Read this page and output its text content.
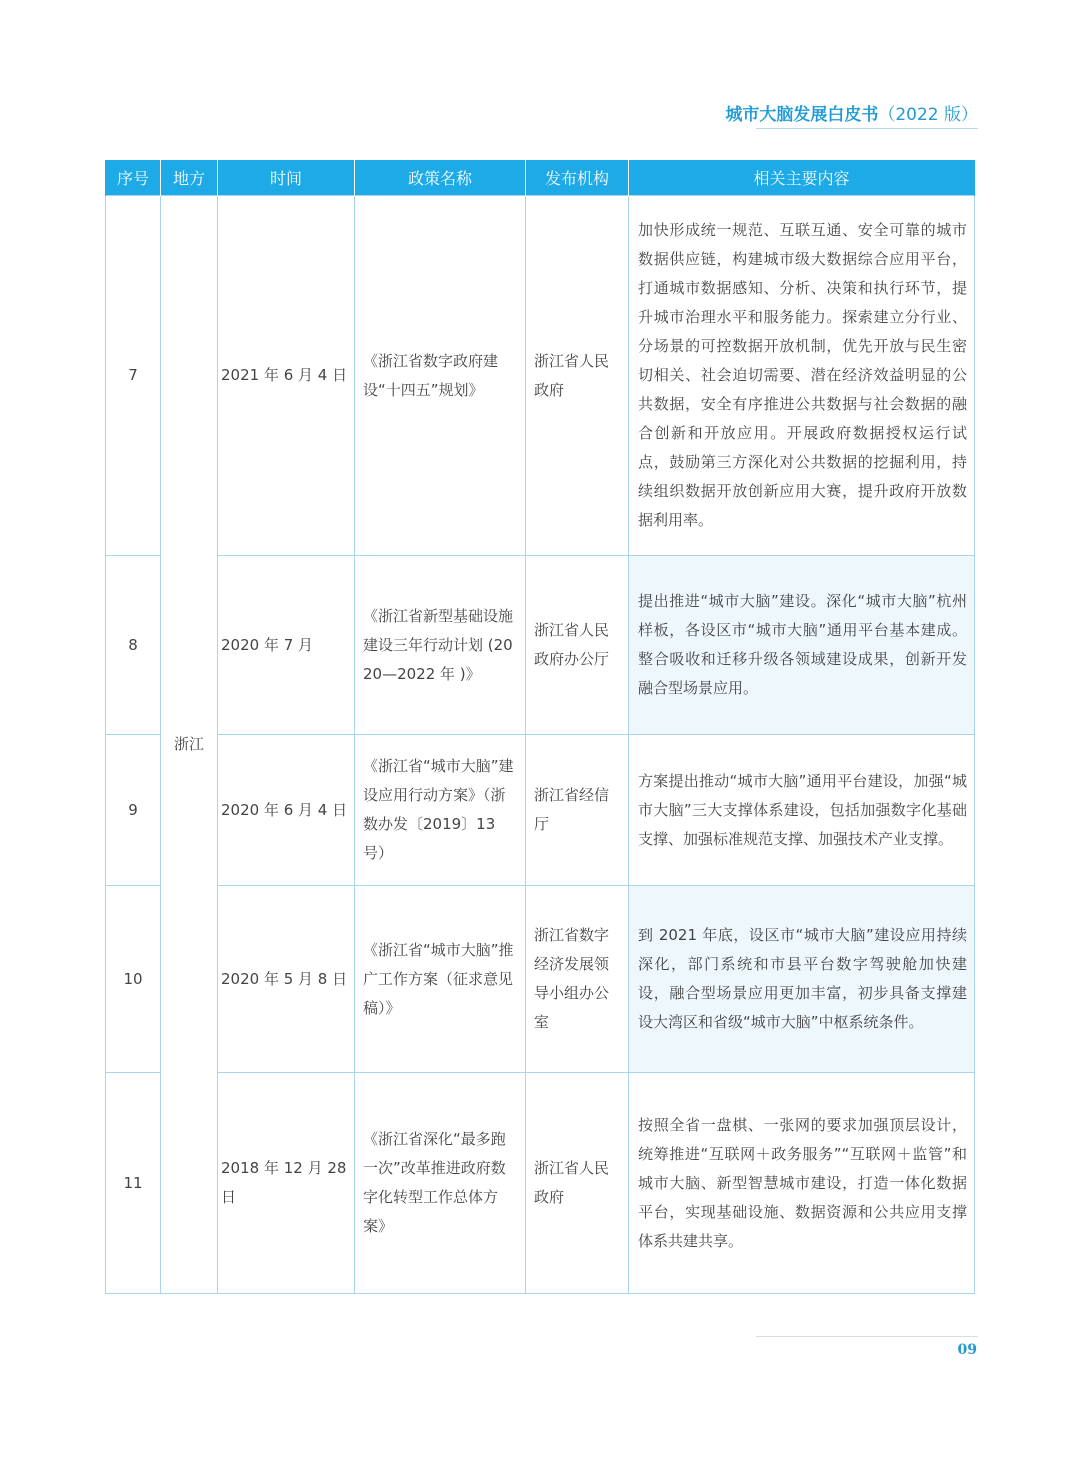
城市大脑发展白皮书（2022 版）
序号	地方	时间	政策名称	发布机构	相关主要内容
7	浙江	2021 年 6 月 4 日	《浙江省数字政府建设“十四五”规划》	浙江省人民政府	加快形成统一规范、互联互通、安全可靠的城市数据供应链，构建城市级大数据综合应用平台，打通城市数据感知、分析、决策和执行环节，提升城市治理水平和服务能力。探索建立分行业、分场景的可控数据开放机制，优先开放与民生密切相关、社会迫切需要、潜在经济效益明显的公共数据，安全有序推进公共数据与社会数据的融合创新和开放应用。开展政府数据授权运行试点，鼓励第三方深化对公共数据的挖掘利用，持续组织数据开放创新应用大赛，提升政府开放数据利用率。
8		2020 年 7 月	《浙江省新型基础设施建设三年行动计划 (2020—2022 年 )》	浙江省人民政府办公厅	提出推进“城市大脑”建设。深化“城市大脑”杭州样板，各设区市“城市大脑”通用平台基本建成。整合吸收和迁移升级各领域建设成果，创新开发融合型场景应用。
9		2020 年 6 月 4 日	《浙江省“城市大脑”建设应用行动方案》（浙数办发〔2019〕13 号）	浙江省经信厅	方案提出推动“城市大脑”通用平台建设，加强“城市大脑”三大支撑体系建设，包括加强数字化基础支撑、加强标准规范支撑、加强技术产业支撑。
10		2020 年 5 月 8 日	《浙江省“城市大脑”推广工作方案（征求意见稿）》	浙江省数字经济发展领导小组办公室	到 2021 年底，设区市“城市大脑”建设应用持续深化，部门系统和市县平台数字驾驶舱加快建设，融合型场景应用更加丰富，初步具备支撑建设大湾区和省级“城市大脑”中枢系统条件。
11		2018 年 12 月 28 日	《浙江省深化“最多跑一次”改革推进政府数字化转型工作总体方案》	浙江省人民政府	按照全省一盘棋、一张网的要求加强顶层设计，统筹推进“互联网＋政务服务”“互联网＋监管”和城市大脑、新型智慧城市建设，打造一体化数据平台，实现基础设施、数据资源和公共应用支撑体系共建共享。
09
